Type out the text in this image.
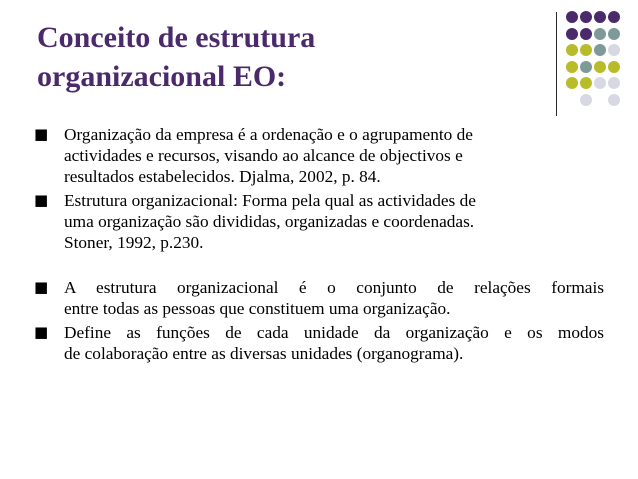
Conceito de estrutura
organizacional EO:
■ Organização da empresa é a ordenação e o agrupamento de
actividades e recursos, visando ao alcance de objectivos e
resultados estabelecidos. Djalma, 2002, p. 84.
■ Estrutura organizacional: Forma pela qual as actividades de
uma organização são divididas, organizadas e coordenadas.
Stoner, 1992, p.230.
■ A estrutura organizacional é o conjunto de relações formais
entre todas as pessoas que constituem uma organização.
■ Define as funções de cada unidade da organização e os modos
de colaboração entre as diversas unidades (organograma).
